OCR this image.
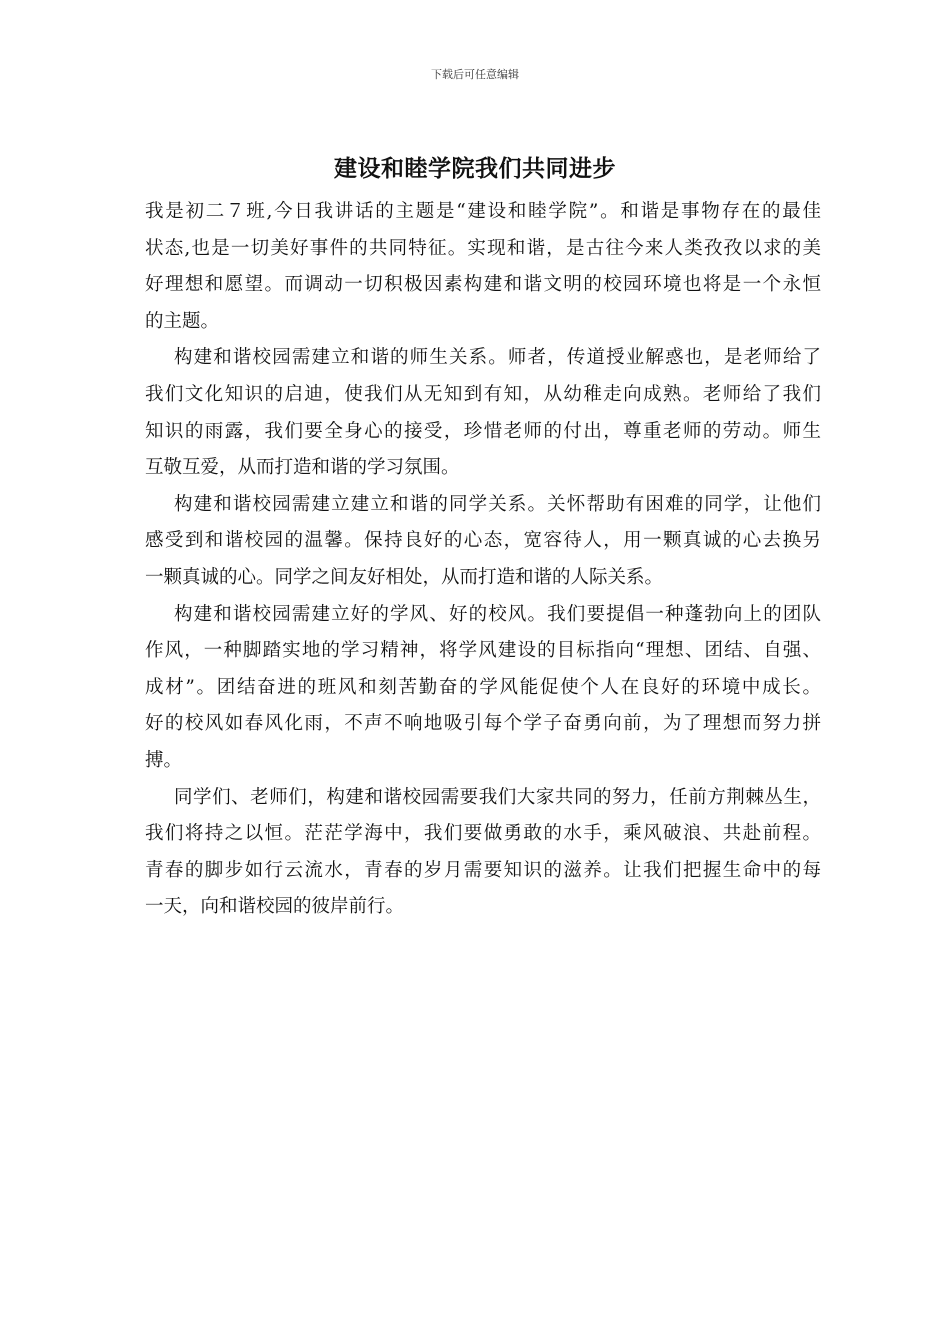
下载后可任意编辑
建设和睦学院我们共同进步
我是初二７班,今日我讲话的主题是“建设和睦学院”。和谐是事物存在的最佳
状态,也是一切美好事件的共同特征。实现和谐，是古往今来人类孜孜以求的美
好理想和愿望。而调动一切积极因素构建和谐文明的校园环境也将是一个永恒
的主题。
构建和谐校园需建立和谐的师生关系。师者，传道授业解惑也，是老师给了
我们文化知识的启迪，使我们从无知到有知，从幼稚走向成熟。老师给了我们
知识的雨露，我们要全身心的接受，珍惜老师的付出，尊重老师的劳动。师生
互敬互爱，从而打造和谐的学习氛围。
构建和谐校园需建立建立和谐的同学关系。关怀帮助有困难的同学，让他们
感受到和谐校园的温馨。保持良好的心态，宽容待人，用一颗真诚的心去换另
一颗真诚的心。同学之间友好相处，从而打造和谐的人际关系。
构建和谐校园需建立好的学风、好的校风。我们要提倡一种蓬勃向上的团队
作风，一种脚踏实地的学习精神，将学风建设的目标指向“理想、团结、自强、
成材”。团结奋进的班风和刻苦勤奋的学风能促使个人在良好的环境中成长。
好的校风如春风化雨，不声不响地吸引每个学子奋勇向前，为了理想而努力拼
搏。
同学们、老师们，构建和谐校园需要我们大家共同的努力，任前方荆棘丛生，
我们将持之以恒。茫茫学海中，我们要做勇敢的水手，乘风破浪、共赴前程。
青春的脚步如行云流水，青春的岁月需要知识的滋养。让我们把握生命中的每
一天，向和谐校园的彼岸前行。
